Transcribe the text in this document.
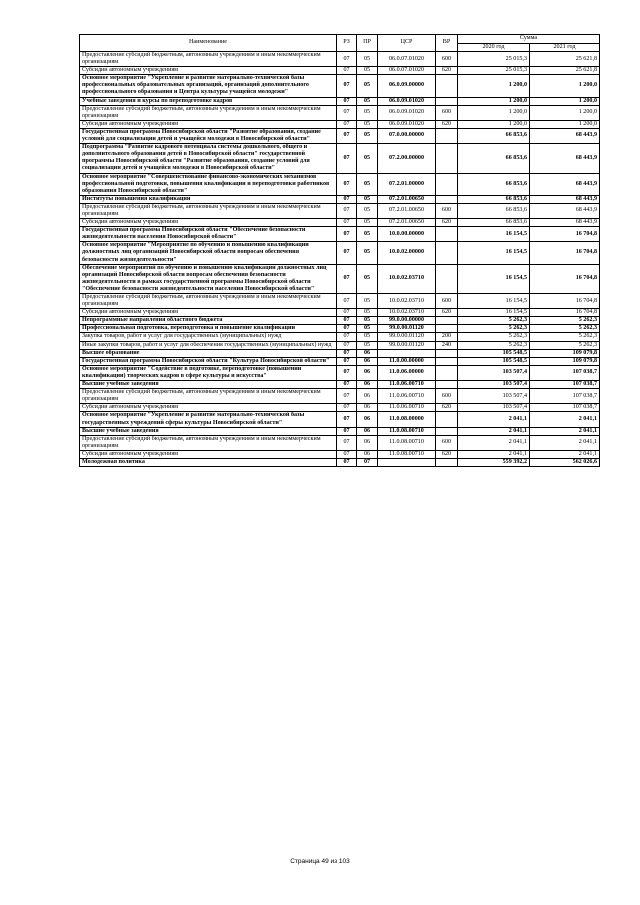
Наименование	РЗ	ПР	ЦСР	ВР	Сумма	
					2020 год	2021 год
Предоставление субсидий бюджетным, автономным учреждениям и иным некоммерческим организациям	07	05	06.0.07.01020	600	25 015,3	25 621,8
Субсидии автономным учреждениям	07	05	06.0.07.01020	620	25 015,3	25 621,8
Основное мероприятие "Укрепление и развитие материально-технической базы профессиональных образовательных организаций, организаций дополнительного профессионального образования и Центра культуры учащейся молодежи"	07	05	06.0.09.00000		1 200,0	1 200,0
Учебные заведения и курсы по переподготовке кадров	07	05	06.0.09.01020		1 200,0	1 200,0
Предоставление субсидий бюджетным, автономным учреждениям и иным некоммерческим организациям	07	05	06.0.09.01020	600	1 200,0	1 200,0
Субсидии автономным учреждениям	07	05	06.0.09.01020	620	1 200,0	1 200,0
Государственная программа Новосибирской области "Развитие образования, создание условий для социализации детей и учащейся молодежи в Новосибирской области"	07	05	07.0.00.00000		66 853,6	68 443,9
Подпрограмма "Развитие кадрового потенциала системы дошкольного, общего и дополнительного образования детей в Новосибирской области" государственной программы Новосибирской области "Развитие образования, создание условий для социализации детей и учащейся молодежи в Новосибирской области"	07	05	07.2.00.00000		66 853,6	68 443,9
Основное мероприятие "Совершенствование финансово-экономических механизмов профессиональной подготовки, повышения квалификации и переподготовки работников образования Новосибирской области"	07	05	07.2.01.00000		66 853,6	68 443,9
Институты повышения квалификации	07	05	07.2.01.00650		66 853,6	68 443,9
Предоставление субсидий бюджетным, автономным учреждениям и иным некоммерческим организациям	07	05	07.2.01.00650	600	66 853,6	68 443,9
Субсидии автономным учреждениям	07	05	07.2.01.00650	620	66 853,6	68 443,9
Государственная программа Новосибирской области "Обеспечение безопасности жизнедеятельности населения Новосибирской области"	07	05	10.0.00.00000		16 154,5	16 704,8
Основное мероприятие "Мероприятие по обучению и повышению квалификации должностных лиц организаций Новосибирской области вопросам обеспечения безопасности жизнедеятельности"	07	05	10.0.02.00000		16 154,5	16 704,8
Обеспечение мероприятий по обучению и повышению квалификации должностных лиц организаций Новосибирской области вопросам обеспечения безопасности жизнедеятельности в рамках государственной программы Новосибирской области "Обеспечение безопасности жизнедеятельности населения Новосибирской области"	07	05	10.0.02.03710		16 154,5	16 704,8
Предоставление субсидий бюджетным, автономным учреждениям и иным некоммерческим организациям	07	05	10.0.02.03710	600	16 154,5	16 704,8
Субсидии автономным учреждениям	07	05	10.0.02.03710	620	16 154,5	16 704,8
Непрограммные направления областного бюджета	07	05	99.0.00.00000		5 262,3	5 262,3
Профессиональная подготовка, переподготовка и повышение квалификации	07	05	99.0.00.01120		5 262,3	5 262,3
Закупка товаров, работ и услуг для государственных (муниципальных) нужд	07	05	99.0.00.01120	200	5 262,3	5 262,3
Иные закупки товаров, работ и услуг для обеспечения государственных (муниципальных) нужд	07	05	99.0.00.01120	240	5 262,3	5 262,3
Высшее образование	07	06			105 548,5	109 079,8
Государственная программа Новосибирской области "Культура Новосибирской области"	07	06	11.0.00.00000		105 548,5	109 079,8
Основное мероприятие "Содействие в подготовке, переподготовке (повышении квалификации) творческих кадров в сфере культуры и искусства"	07	06	11.0.06.00000		103 507,4	107 038,7
Высшие учебные заведения	07	06	11.0.06.00710		103 507,4	107 038,7
Предоставление субсидий бюджетным, автономным учреждениям и иным некоммерческим организациям	07	06	11.0.06.00710	600	103 507,4	107 038,7
Субсидии автономным учреждениям	07	06	11.0.06.00710	620	103 507,4	107 038,7
Основное мероприятие "Укрепление и развитие материально-технической базы государственных учреждений сферы культуры Новосибирской области"	07	06	11.0.08.00000		2 041,1	2 041,1
Высшие учебные заведения	07	06	11.0.08.00710		2 041,1	2 041,1
Предоставление субсидий бюджетным, автономным учреждениям и иным некоммерческим организациям	07	06	11.0.08.00710	600	2 041,1	2 041,1
Субсидии автономным учреждениям	07	06	11.0.08.00710	620	2 041,1	2 041,1
Молодежная политика	07	07			559 392,2	562 026,6
Страница 49 из 103
